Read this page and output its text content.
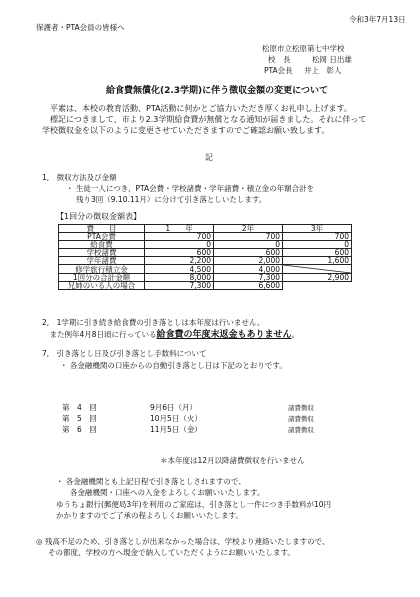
令和3年7月13日
保護者・PTA会員の皆様へ
松原市立松原第七中学校
校　長	松岡 日出雄
PTA会長 井上　彰人
給食費無償化(2.3学期)に伴う徴収金額の変更について
　平素は、本校の教育活動、PTA活動に何かとご協力いただき厚くお礼申し上げます。
　標記につきまして、市より2.3学期給食費が無償となる通知が届きました。それに伴って
学校徴収金を以下のように変更させていただきますのでご確認お願い致します。
記
1,　徴収方法及び金額
・ 生徒一人につき、PTA会費・学校諸費・学年諸費・積立金の年額合計を
残り3回（9.10.11月）に分けて引き落としいたします。
【1回分の徴収金額表】
費　　目	1　　年	2年	3年
PTA会費	700	700	700
給食費	0	0	0
学校諸費	600	600	600
学年諸費	2,200	2,000	1,600
修学旅行積立金	4,500	4,000	

1回分の合計金額	8,000	7,300	2,900
兄姉のいる人の場合	7,300	6,600	
2,　1学期に引き続き給食費の引き落としは本年度は行いません。
　また例年4月8日頃に行っている給食費の年度末返金もありません。
7,　引き落とし日及び引き落とし手数料について
・ 各金融機関の口座からの自動引き落とし日は下記のとおりです。
第　4　回	9月6日（月）	諸費徴収
第　5　回	10月5日（火）	諸費徴収
第　6　回	11月5日（金）	諸費徴収
＊本年度は12月以降諸費徴収を行いません
・ 各金融機関とも上記日程で引き落としされますので、
各金融機関・口座への入金をよろしくお願いいたします。
ゆうちょ銀行(郵便局3年)を利用のご家庭は、引き落とし一件につき手数料が10円
かかりますのでご了承の程よろしくお願いいたします。
◎ 残高不足のため、引き落としが出来なかった場合は、学校より連絡いたしますので、
その都度、学校の方へ現金で納入していただくようにお願いいたします。
